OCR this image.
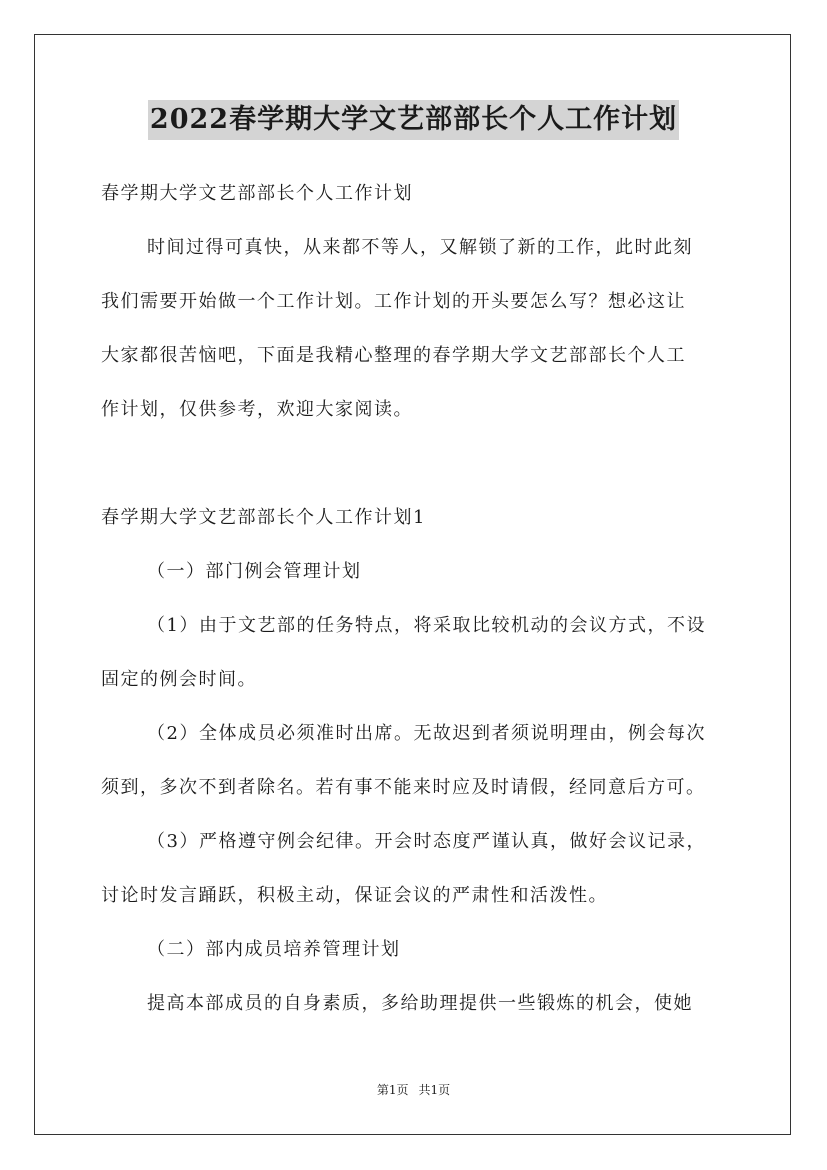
2022春学期大学文艺部部长个人工作计划
春学期大学文艺部部长个人工作计划
时间过得可真快，从来都不等人，又解锁了新的工作，此时此刻
我们需要开始做一个工作计划。工作计划的开头要怎么写？想必这让
大家都很苦恼吧，下面是我精心整理的春学期大学文艺部部长个人工
作计划，仅供参考，欢迎大家阅读。
春学期大学文艺部部长个人工作计划1
（一）部门例会管理计划
（1）由于文艺部的任务特点，将采取比较机动的会议方式，不设
固定的例会时间。
（2）全体成员必须准时出席。无故迟到者须说明理由，例会每次
须到，多次不到者除名。若有事不能来时应及时请假，经同意后方可。
（3）严格遵守例会纪律。开会时态度严谨认真，做好会议记录，
讨论时发言踊跃，积极主动，保证会议的严肃性和活泼性。
（二）部内成员培养管理计划
提高本部成员的自身素质，多给助理提供一些锻炼的机会，使她
第1页 共1页
